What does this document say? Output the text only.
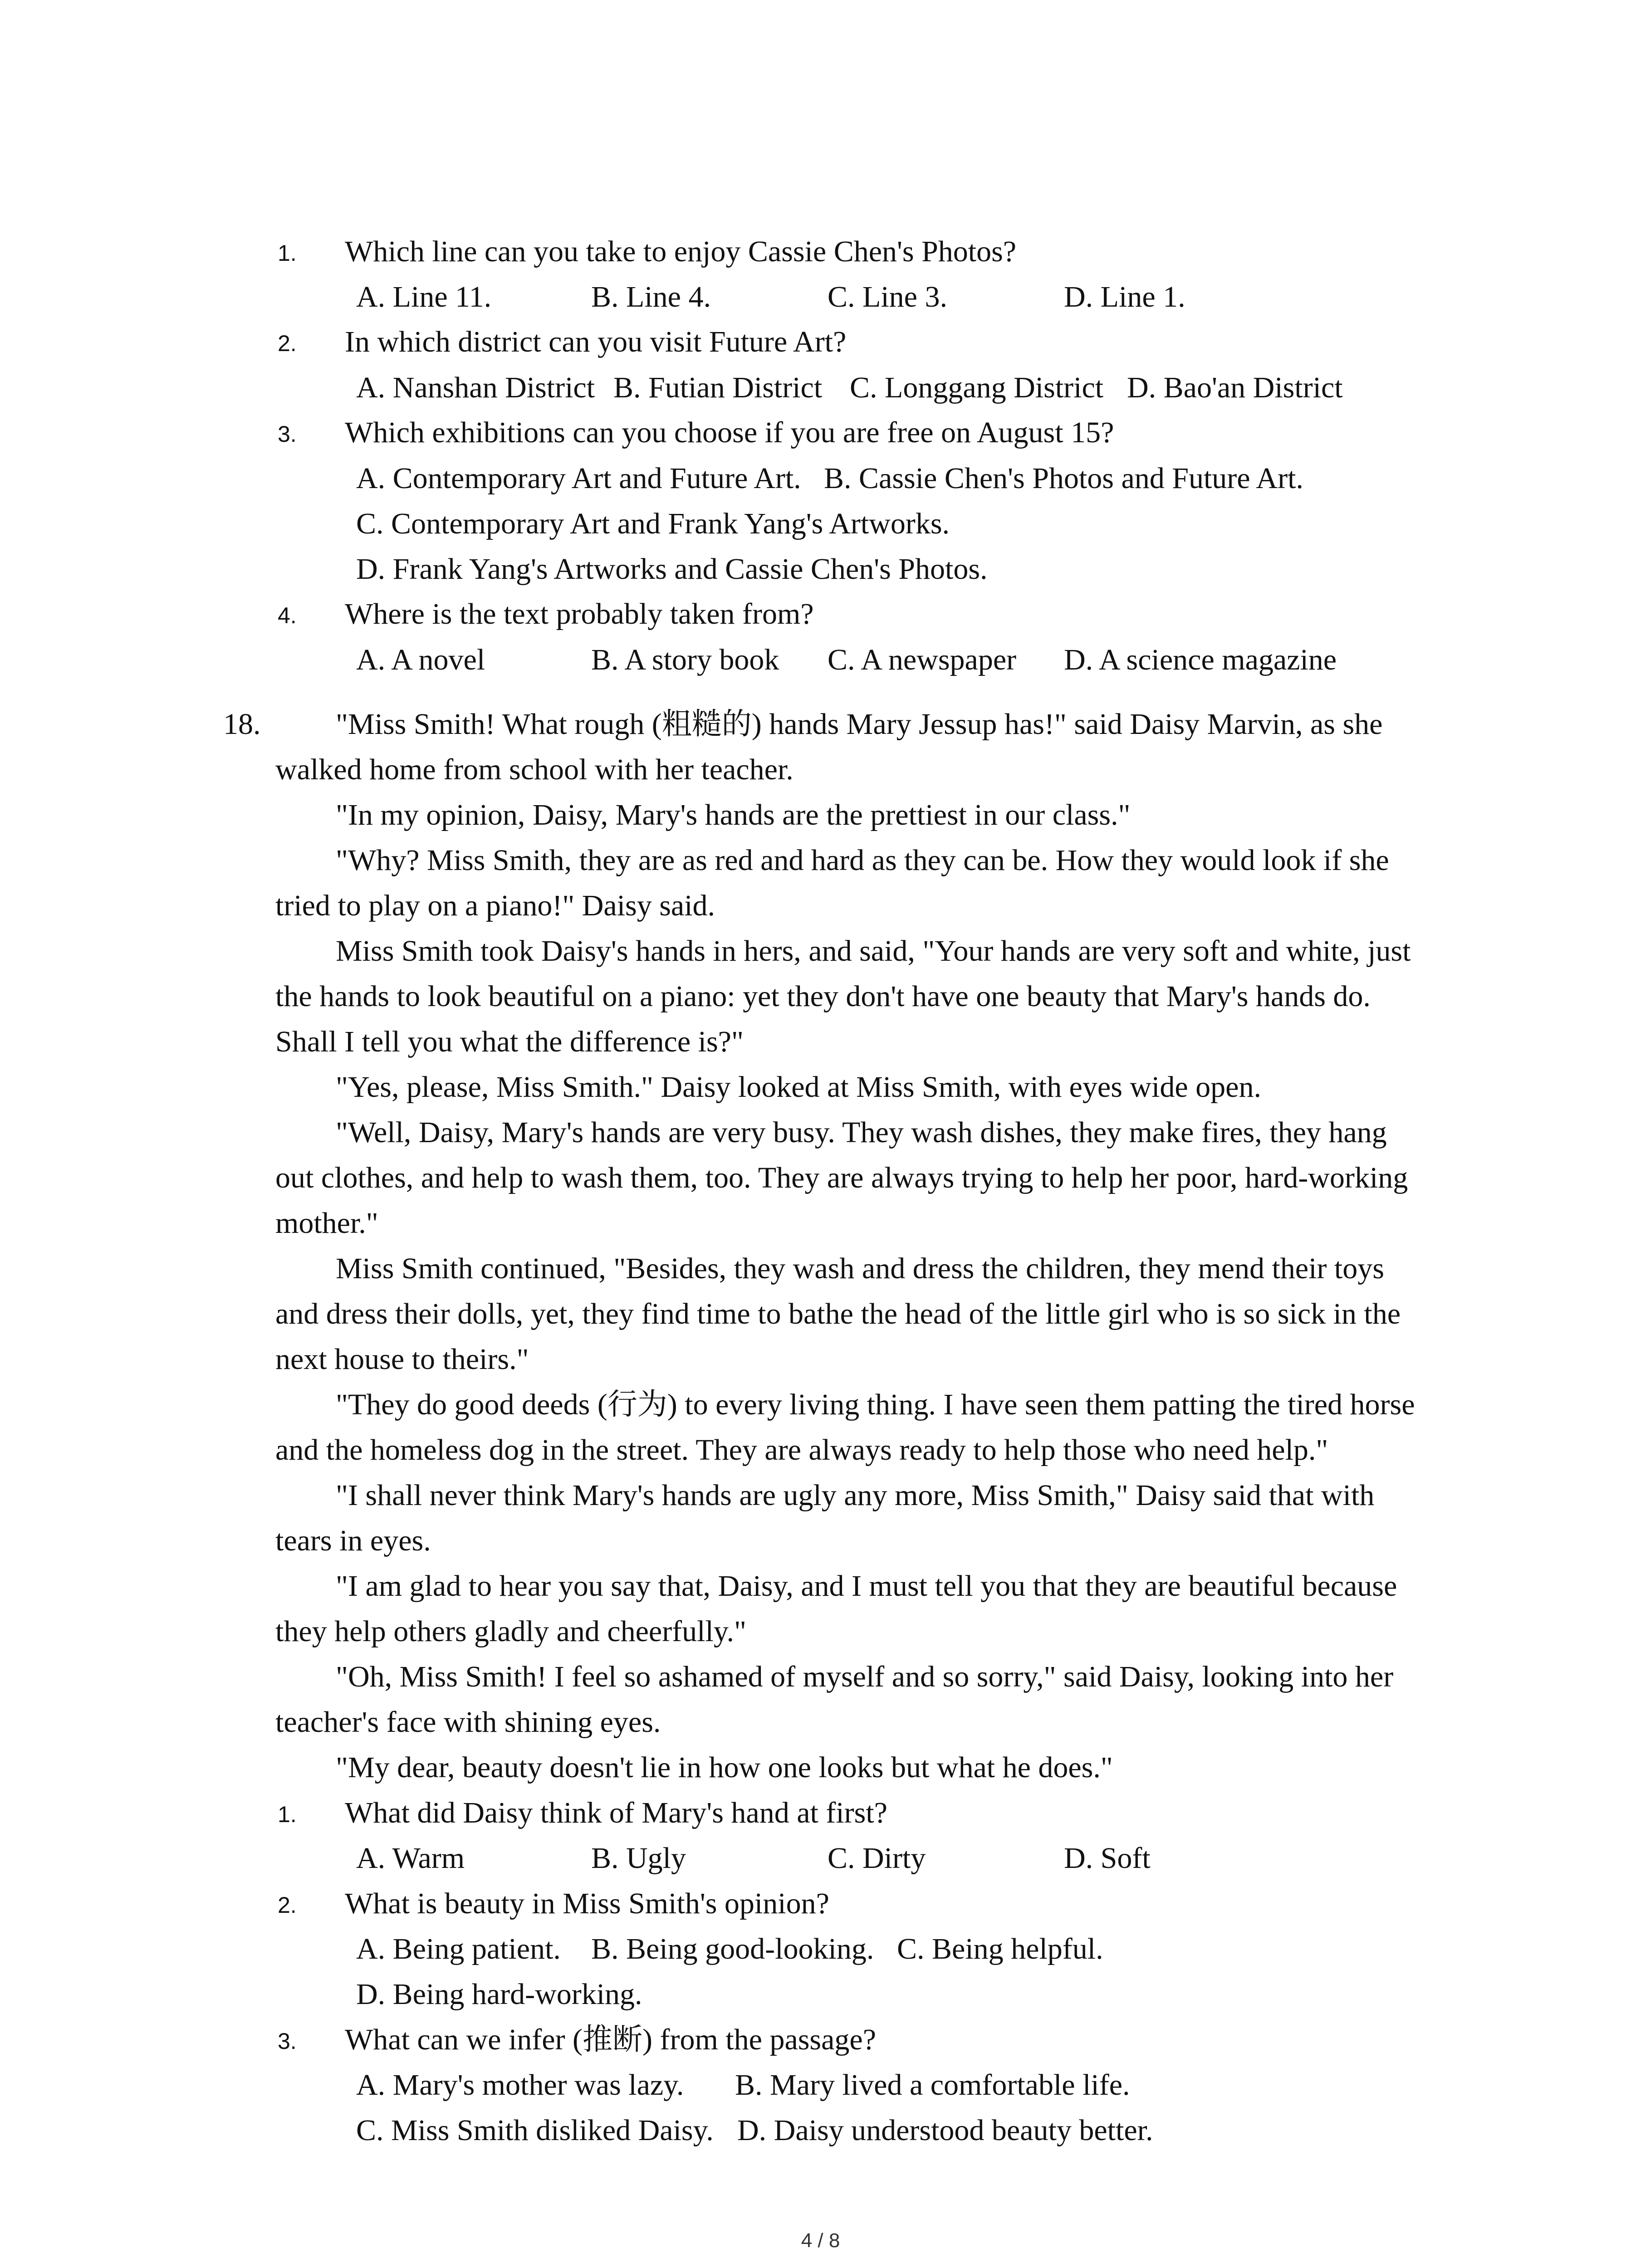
1. Which line can you take to enjoy Cassie Chen's Photos?
A. Line 11.	B. Line 4.	C. Line 3.	D. Line 1.
2. In which district can you visit Future Art?
A. Nanshan District B. Futian District C. Longgang District D. Bao'an District
3. Which exhibitions can you choose if you are free on August 15?
A. Contemporary Art and Future Art. B. Cassie Chen's Photos and Future Art.
C. Contemporary Art and Frank Yang's Artworks.
D. Frank Yang's Artworks and Cassie Chen's Photos.
4. Where is the text probably taken from?
A. A novel	B. A story book C. A newspaper D. A science magazine
18.	"Miss Smith! What rough (粗糙的) hands Mary Jessup has!" said Daisy Marvin, as she
walked home from school with her teacher.
"In my opinion, Daisy, Mary's hands are the prettiest in our class."
"Why? Miss Smith, they are as red and hard as they can be. How they would look if she
tried to play on a piano!" Daisy said.
Miss Smith took Daisy's hands in hers, and said, "Your hands are very soft and white, just
the hands to look beautiful on a piano: yet they don't have one beauty that Mary's hands do.
Shall I tell you what the difference is?"
"Yes, please, Miss Smith." Daisy looked at Miss Smith, with eyes wide open.
"Well, Daisy, Mary's hands are very busy. They wash dishes, they make fires, they hang
out clothes, and help to wash them, too. They are always trying to help her poor, hard-working
mother."
Miss Smith continued, "Besides, they wash and dress the children, they mend their toys
and dress their dolls, yet, they find time to bathe the head of the little girl who is so sick in the
next house to theirs."
"They do good deeds (行为) to every living thing. I have seen them patting the tired horse
and the homeless dog in the street. They are always ready to help those who need help."
"I shall never think Mary's hands are ugly any more, Miss Smith," Daisy said that with
tears in eyes.
"I am glad to hear you say that, Daisy, and I must tell you that they are beautiful because
they help others gladly and cheerfully."
"Oh, Miss Smith! I feel so ashamed of myself and so sorry," said Daisy, looking into her
teacher's face with shining eyes.
"My dear, beauty doesn't lie in how one looks but what he does."
1. What did Daisy think of Mary's hand at first?
A. Warm	B. Ugly	C. Dirty	D. Soft
2. What is beauty in Miss Smith's opinion?
A. Being patient. B. Being good-looking. C. Being helpful.
D. Being hard-working.
3. What can we infer (推断) from the passage?
A. Mary's mother was lazy. B. Mary lived a comfortable life.
C. Miss Smith disliked Daisy. D. Daisy understood beauty better.
4 / 8
